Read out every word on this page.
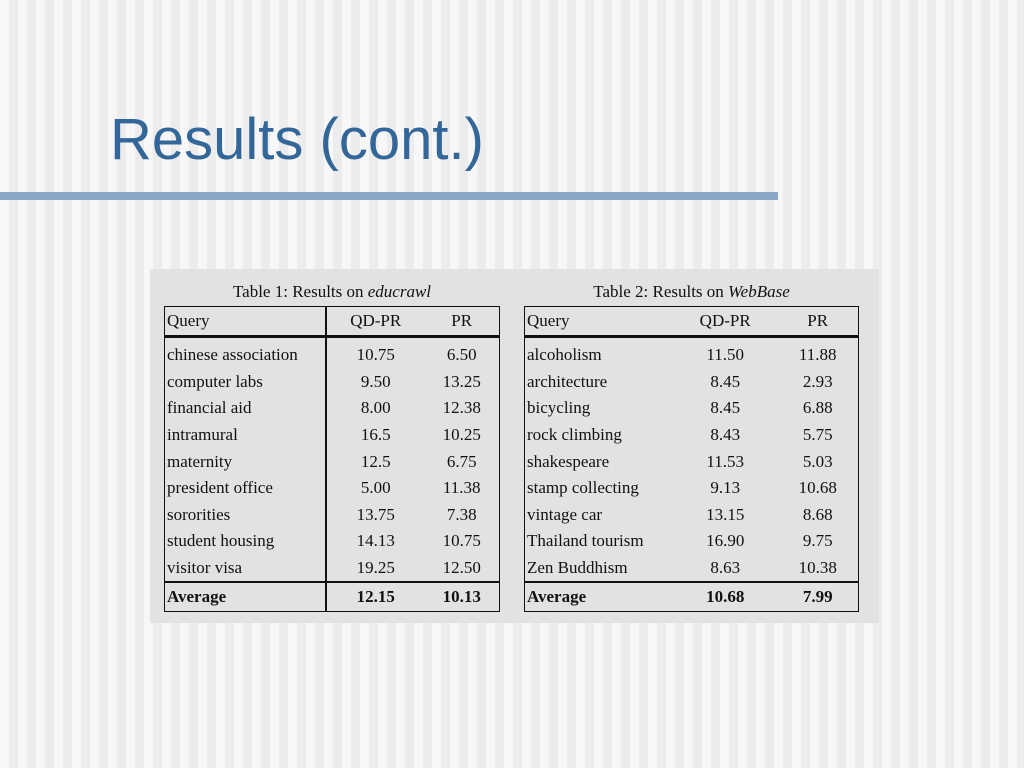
Results (cont.)
Table 1: Results on educrawl
Query	QD-PR	PR
chinese association	10.75	6.50
computer labs	9.50	13.25
financial aid	8.00	12.38
intramural	16.5	10.25
maternity	12.5	6.75
president office	5.00	11.38
sororities	13.75	7.38
student housing	14.13	10.75
visitor visa	19.25	12.50
Average	12.15	10.13
Table 2: Results on WebBase
Query	QD-PR	PR
alcoholism	11.50	11.88
architecture	8.45	2.93
bicycling	8.45	6.88
rock climbing	8.43	5.75
shakespeare	11.53	5.03
stamp collecting	9.13	10.68
vintage car	13.15	8.68
Thailand tourism	16.90	9.75
Zen Buddhism	8.63	10.38
Average	10.68	7.99
